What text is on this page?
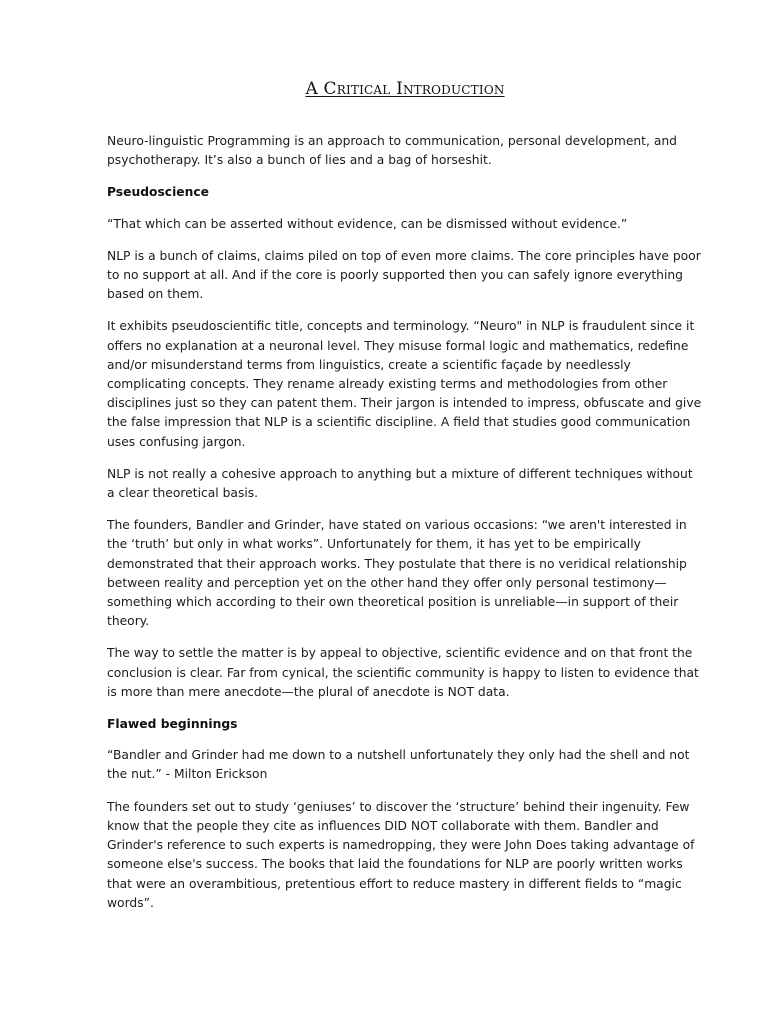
A Critical Introduction

Neuro-linguistic Programming is an approach to communication, personal development, and psychotherapy. It’s also a bunch of lies and a bag of horseshit.

Pseudoscience

“That which can be asserted without evidence, can be dismissed without evidence.”

NLP is a bunch of claims, claims piled on top of even more claims. The core principles have poor to no support at all. And if the core is poorly supported then you can safely ignore everything based on them.

It exhibits pseudoscientific title, concepts and terminology. “Neuro" in NLP is fraudulent since it offers no explanation at a neuronal level. They misuse formal logic and mathematics, redefine and/or misunderstand terms from linguistics, create a scientific façade by needlessly complicating concepts. They rename already existing terms and methodologies from other disciplines just so they can patent them. Their jargon is intended to impress, obfuscate and give the false impression that NLP is a scientific discipline. A field that studies good communication uses confusing jargon.

NLP is not really a cohesive approach to anything but a mixture of different techniques without a clear theoretical basis.

The founders, Bandler and Grinder, have stated on various occasions: “we aren't interested in the ‘truth’ but only in what works”. Unfortunately for them, it has yet to be empirically demonstrated that their approach works. They postulate that there is no veridical relationship between reality and perception yet on the other hand they offer only personal testimony—something which according to their own theoretical position is unreliable—in support of their theory.

The way to settle the matter is by appeal to objective, scientific evidence and on that front the conclusion is clear. Far from cynical, the scientific community is happy to listen to evidence that is more than mere anecdote—the plural of anecdote is NOT data.

Flawed beginnings

“Bandler and Grinder had me down to a nutshell unfortunately they only had the shell and not the nut.” - Milton Erickson

The founders set out to study ‘geniuses’ to discover the ‘structure’ behind their ingenuity. Few know that the people they cite as influences DID NOT collaborate with them. Bandler and Grinder's reference to such experts is namedropping, they were John Does taking advantage of someone else's success. The books that laid the foundations for NLP are poorly written works that were an overambitious, pretentious effort to reduce mastery in different fields to “magic words”.
